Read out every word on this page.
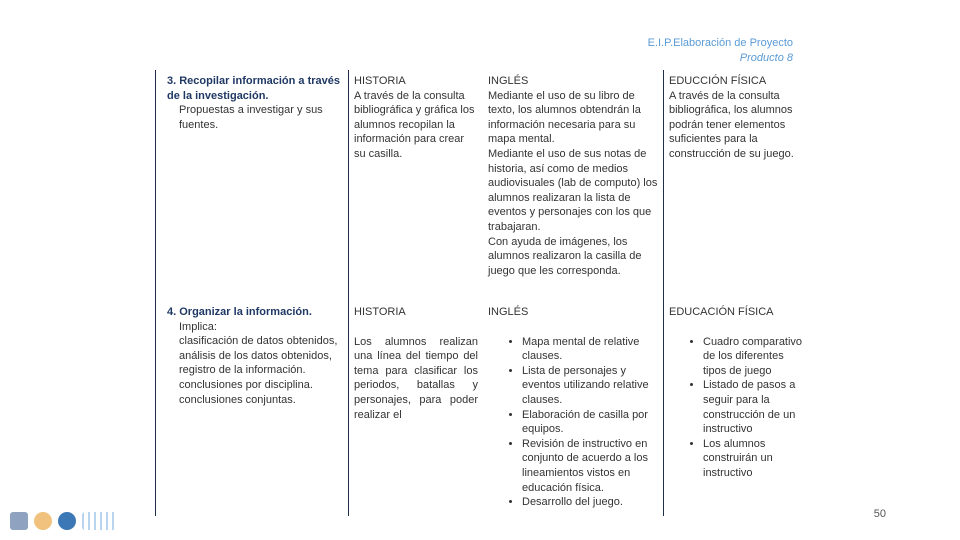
E.I.P.Elaboración de Proyecto
Producto 8
3. Recopilar información a través de la investigación.
Propuestas a investigar y sus fuentes.
HISTORIA
A través de la consulta bibliográfica y gráfica los alumnos recopilan la información para crear su casilla.
INGLÉS
Mediante el uso de su libro de texto, los alumnos obtendrán la información necesaria para su mapa mental.
Mediante el uso de sus notas de historia, así como de medios audiovisuales (lab de computo) los alumnos realizaran la lista de eventos y personajes con los que trabajaran.
Con ayuda de imágenes, los alumnos realizaron la casilla de juego que les corresponda.
EDUCCIÓN FÍSICA
A través de la consulta bibliográfica, los alumnos podrán tener elementos suficientes para la construcción de su juego.
4. Organizar la información.
Implica:
clasificación de datos obtenidos,
análisis de los datos obtenidos,
registro de la información.
conclusiones por disciplina.
conclusiones conjuntas.
HISTORIA
Los alumnos realizan una línea del tiempo del tema para clasificar los periodos, batallas y personajes, para poder realizar el
INGLÉS
• Mapa mental de relative clauses.
• Lista de personajes y eventos utilizando relative clauses.
• Elaboración de casilla por equipos.
• Revisión de instructivo en conjunto de acuerdo a los lineamientos vistos en educación física.
• Desarrollo del juego.
EDUCACIÓN FÍSICA
• Cuadro comparativo de los diferentes tipos de juego
• Listado de pasos a seguir para la construcción de un instructivo
• Los alumnos construirán un instructivo
50
